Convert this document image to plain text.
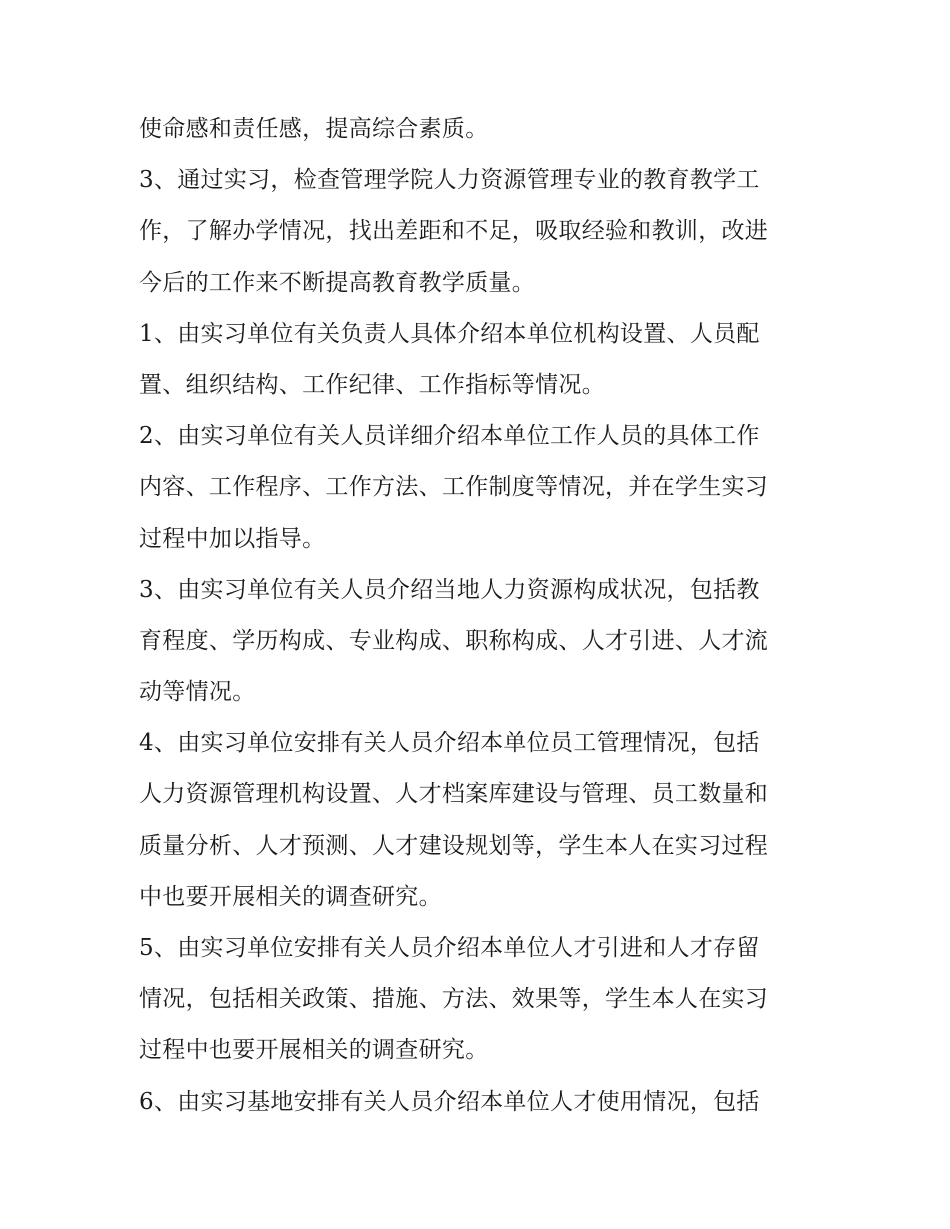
使命感和责任感，提高综合素质。
3、通过实习，检查管理学院人力资源管理专业的教育教学工
作，了解办学情况，找出差距和不足，吸取经验和教训，改进
今后的工作来不断提高教育教学质量。
1、由实习单位有关负责人具体介绍本单位机构设置、人员配
置、组织结构、工作纪律、工作指标等情况。
2、由实习单位有关人员详细介绍本单位工作人员的具体工作
内容、工作程序、工作方法、工作制度等情况，并在学生实习
过程中加以指导。
3、由实习单位有关人员介绍当地人力资源构成状况，包括教
育程度、学历构成、专业构成、职称构成、人才引进、人才流
动等情况。
4、由实习单位安排有关人员介绍本单位员工管理情况，包括
人力资源管理机构设置、人才档案库建设与管理、员工数量和
质量分析、人才预测、人才建设规划等，学生本人在实习过程
中也要开展相关的调查研究。
5、由实习单位安排有关人员介绍本单位人才引进和人才存留
情况，包括相关政策、措施、方法、效果等，学生本人在实习
过程中也要开展相关的调查研究。
6、由实习基地安排有关人员介绍本单位人才使用情况，包括
